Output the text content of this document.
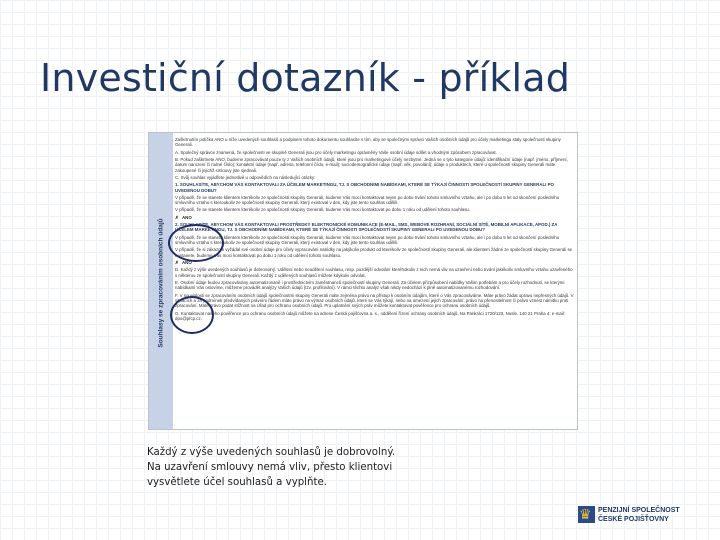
Investiční dotazník - příklad
Souhlasy se zpracováním osobních údajů

Zaškrtnutím políčka ANO u níže uvedených souhlasů a podpisem tohoto dokumentu souhlasíte s tím, aby se společnými správci Vašich osobních údajů pro účely marketingu staly společnosti skupiny Generali.

A. Společný správce znamená, že společnosti ve skupině Generali jsou pro účely marketingu oprávněny Vaše osobní údaje sdílet a vhodným způsobem zpracovávat.

B. Pokud zaškrtnete ANO, budeme zpracovávat pouze ty z Vašich osobních údajů, které jsou pro marketingové účely nezbytné. Jedná se o tyto kategorie údajů: identifikační údaje (např. jméno, příjmení, datum narození či rodné číslo); kontaktní údaje (např. adresa, telefonní číslo, e-mail); sociodemografické údaje (např. věk, povolání); údaje o produktech, které u společností skupiny Generali máte zakoupené či jejichž smlouvy jste sjednali.

C. Svůj souhlas vyjádřete jednotlivě u odpovědích na následující otázky:

1. SOUHLASÍTE, ABYCHOM VÁS KONTAKTOVALI ZA ÚČELEM MARKETINGU, TJ. S OBCHODNÍMI NABÍDKAMI, KTERÉ SE TÝKAJÍ ČINNOSTI SPOLEČNOSTÍ SKUPINY GENERALI PO UVEDENOU DOBU?

V případě, že se stanete klientem kterékoliv ze společností skupiny Generali, budeme Vás moci kontaktovat nejen po dobu trvání tohoto smluvního vztahu, ale i po dobu 5 let od skončení posledního smluvního vztahu s kteroukoliv ze společností skupiny Generali, který existoval v den, kdy jste tento souhlas udělili.

V případě, že se stanete klientem kterékoliv ze společností skupiny Generali, budeme Vás moci kontaktovat po dobu 1 roku od udělení tohoto souhlasu.

✗ ANO

2. SOUHLASÍTE, ABYCHOM VÁS KONTAKTOVALI PROSTŘEDKY ELEKTRONICKÉ KOMUNIKACE (E-MAIL, SMS, WEBOVÉ ROZHRANÍ, SOCIÁLNÍ SÍTĚ, MOBILNÍ APLIKACE, APOD.) ZA ÚČELEM MARKETINGU, TJ. S OBCHODNÍMI NABÍDKAMI, KTERÉ SE TÝKAJÍ ČINNOSTI SPOLEČNOSTÍ SKUPINY GENERALI PO UVEDENOU DOBU?

V případě, že se stanete klientem kterékoliv ze společností skupiny Generali, budeme Vás moci kontaktovat nejen po dobu trvání tohoto smluvního vztahu, ale i po dobu 5 let od skončení posledního smluvního vztahu s kteroukoliv ze společností skupiny Generali, který existoval v den, kdy jste tento souhlas udělili.

V případě, že si zákazník vyžádal své osobní údaje pro účely vypracování nabídky na jakýkoliv produkt od kterékoliv ze společností skupiny Generali, ale klientem žádné ze společností skupiny Generali se nestanete, budeme Vás moci kontaktovat po dobu 1 roku od udělení tohoto souhlasu.

✗ ANO

D. Každý z výše uvedených souhlasů je dobrovolný. Udělení nebo neudělení souhlasu, resp. pozdější odvolání kteréhokoliv z nich nemá vliv na uzavření nebo trvání jakékoliv smluvního vztahu uzavřeného s některou ze společností skupiny Generali. Každý z udělených souhlasů můžete kdykoliv odvolat.

E. Osobní údaje budou zpracovávány automatizovaně i prostřednictvím zaměstnanců společností skupiny Generali. Za účelem přizpůsobení nabídky Vašim potřebám a pro účely rozhodnutí, se kterými nabídkami Vás oslovíme, můžeme provádět analýzy Vašich údajů (tzv. profilování). V rámci těchto analýz však nikdy nedochází k plně automatizovanému rozhodování.

F. V souvislosti se zpracováním osobních údajů společnostmi skupiny Generali máte zejména právo na přístup k osobním údajům, které o Vás zpracováváme. Máte právo žádat opravu nepřesných údajů. V situacích a za podmínek předvídaných právním řádem máte právo na výmaz osobních údajů, které se Vás týkají, nebo na omezení jejich zpracování, právo na přenositelnost či právo vznést námitku proti zpracování. Máte právo podat stížnost na Úřad pro ochranu osobních údajů. Pro uplatnění svých práv můžete kontaktovat pověřence pro ochranu osobních údajů.

G. Kontaktovat našeho pověřence pro ochranu osobních údajů můžete na adrese Česká pojišťovna a. s., oddělení řízení ochrany osobních údajů, Na Pankráci 1720/123, Nusle, 140 21 Praha 4; e-mail: dpo@pfcp.cz.

Každý z výše uvedených souhlasů je dobrovolný.
Na uzavření smlouvy nemá vliv, přesto klientovi
vysvětlete účel souhlasů a vyplňte.
♛ PENZIJNÍ SPOLEČNOST
ČESKÉ POJIŠŤOVNY
